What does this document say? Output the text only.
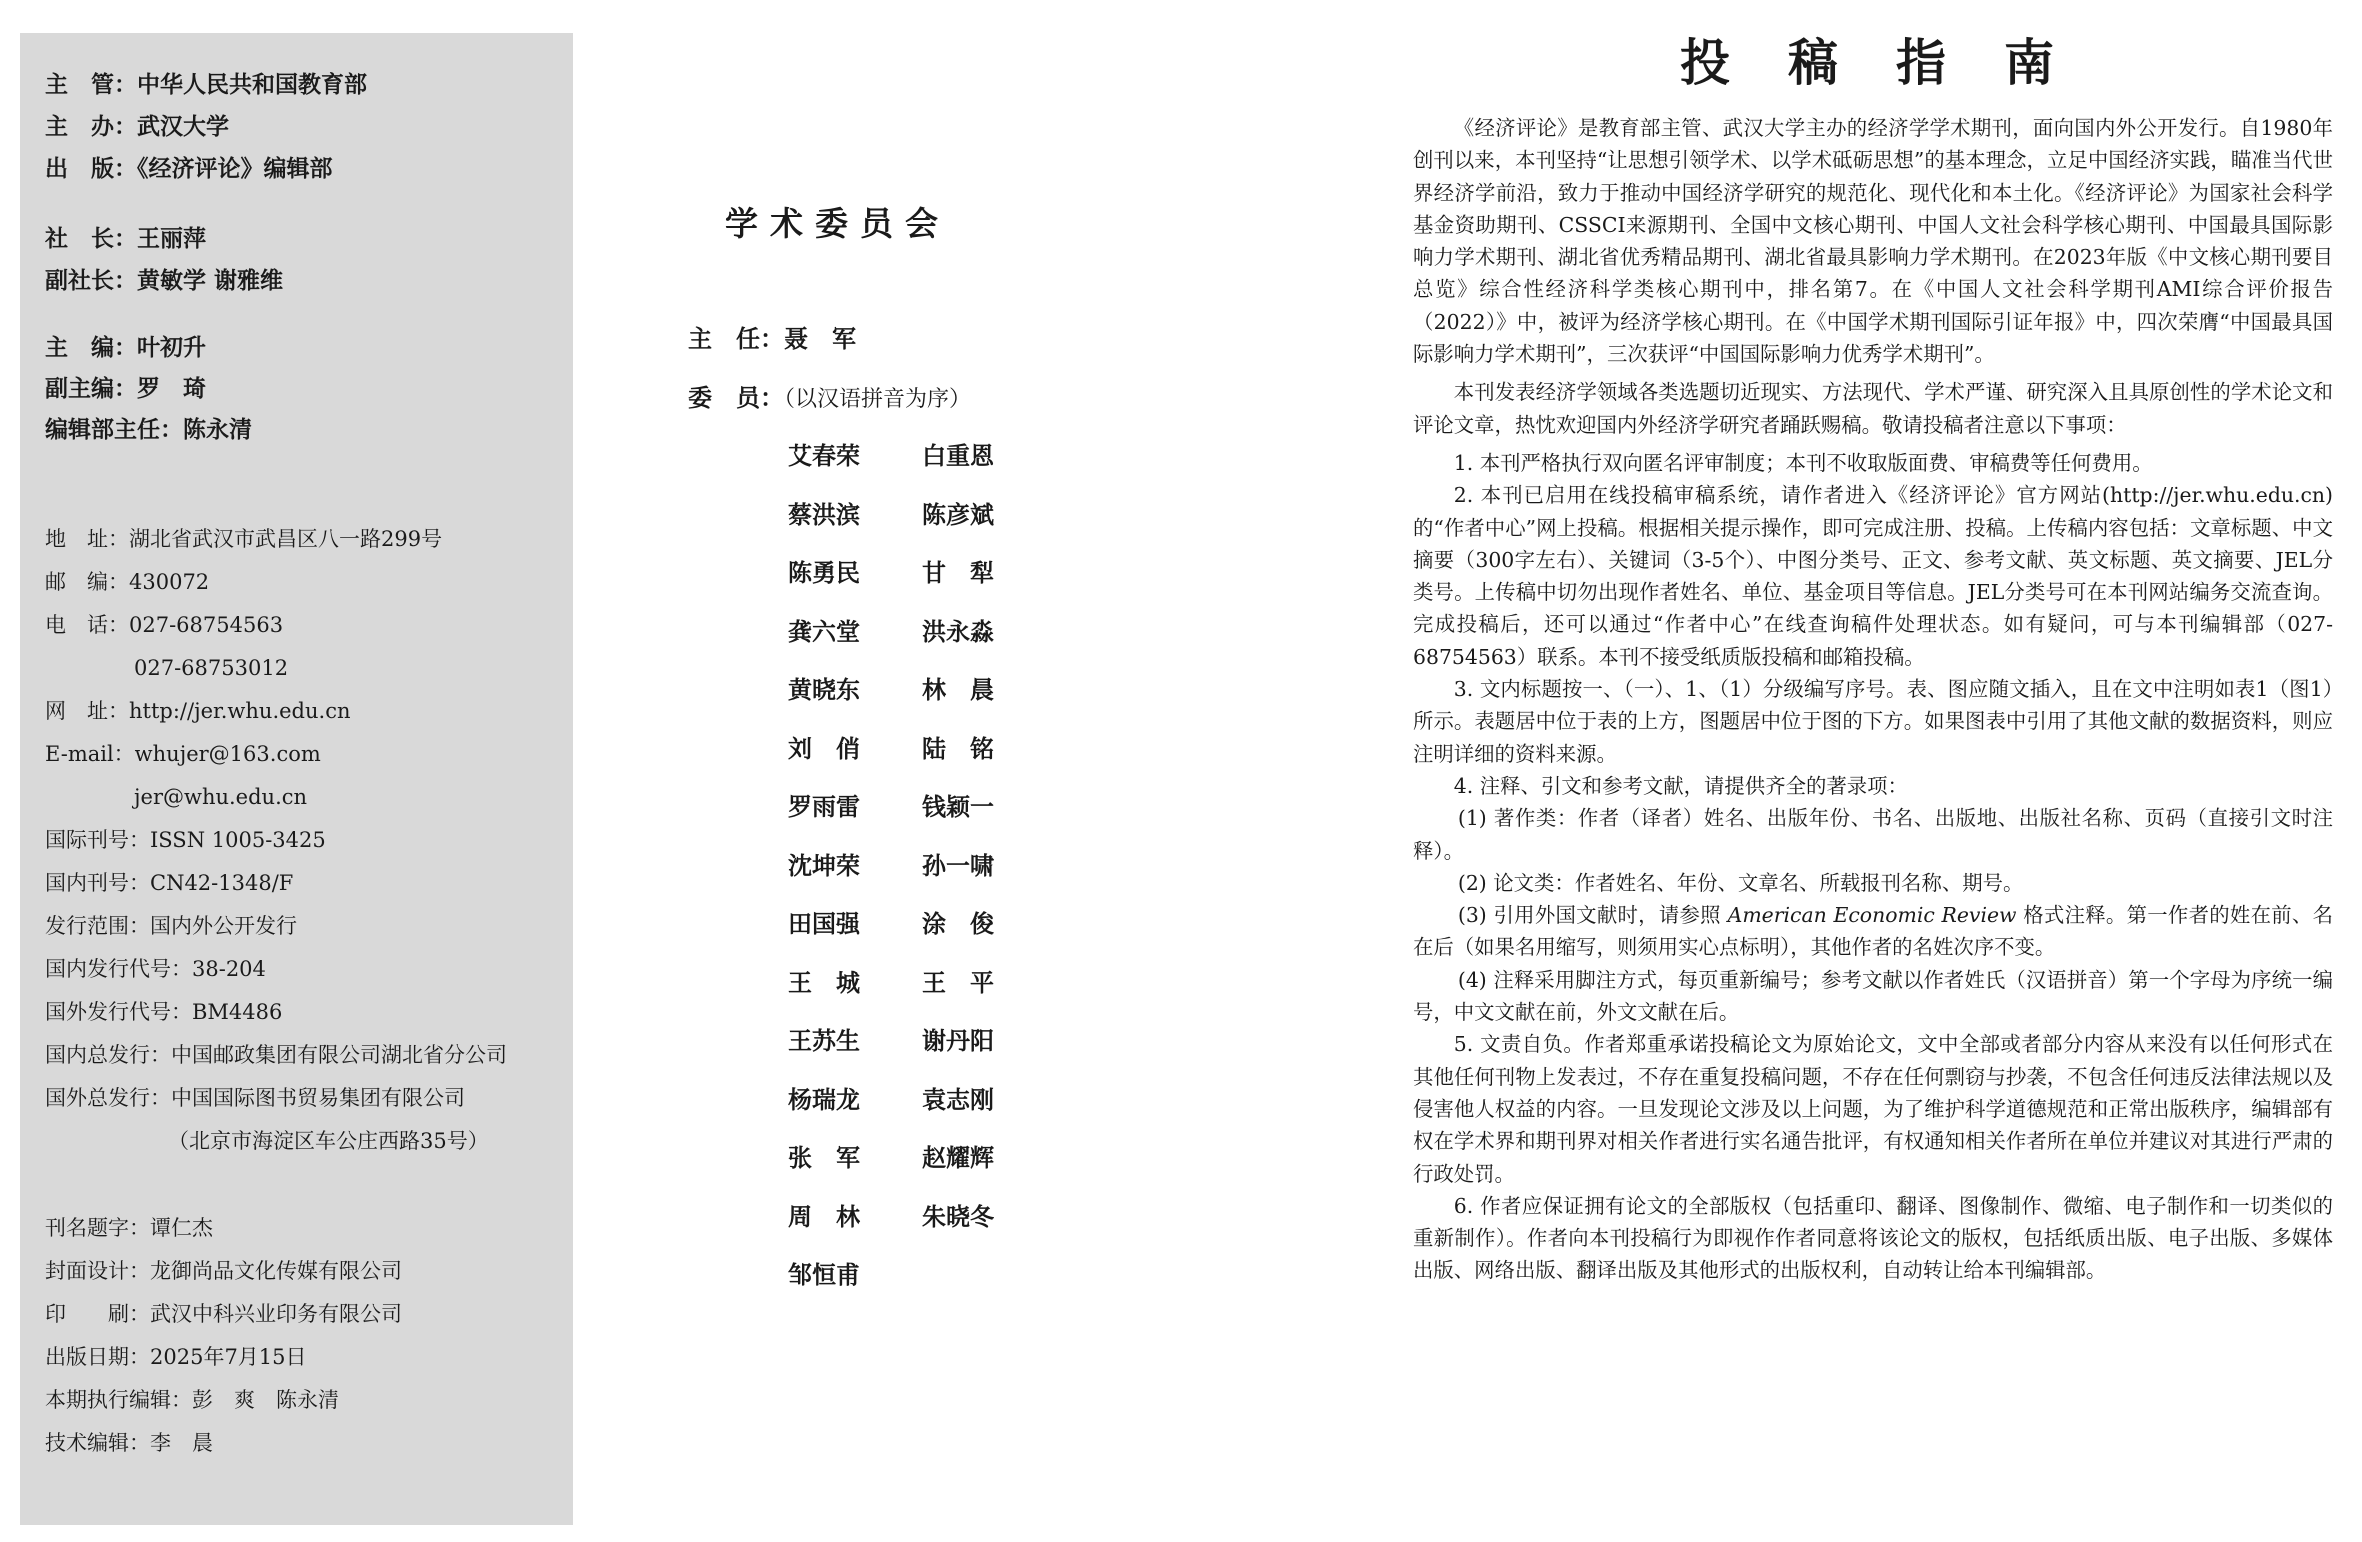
主　管：中华人民共和国教育部
主　办：武汉大学
出　版：《经济评论》编辑部
社　长：王丽萍
副社长：黄敏学 谢雅维
主　编：叶初升
副主编：罗　琦
编辑部主任：陈永清
地　址：湖北省武汉市武昌区八一路299号
邮　编：430072
电　话：027-68754563
027-68753012
网　址：http://jer.whu.edu.cn
E-mail：whujer@163.com
jer@whu.edu.cn
国际刊号：ISSN 1005-3425
国内刊号：CN42-1348/F
发行范围：国内外公开发行
国内发行代号：38-204
国外发行代号：BM4486
国内总发行：中国邮政集团有限公司湖北省分公司
国外总发行：中国国际图书贸易集团有限公司
（北京市海淀区车公庄西路35号）
刊名题字：谭仁杰
封面设计：龙御尚品文化传媒有限公司
印　　刷：武汉中科兴业印务有限公司
出版日期：2025年7月15日
本期执行编辑：彭　爽　陈永清
技术编辑：李　晨
学术委员会
主　任：聂　军
委　员：（以汉语拼音为序）
艾春荣	白重恩
蔡洪滨	陈彦斌
陈勇民	甘　犁
龚六堂	洪永淼
黄晓东	林　晨
刘　俏	陆　铭
罗雨雷	钱颖一
沈坤荣	孙一啸
田国强	涂　俊
王　城	王　平
王苏生	谢丹阳
杨瑞龙	袁志刚
张　军	赵耀辉
周　林	朱晓冬
邹恒甫
投稿指南

《经济评论》是教育部主管、武汉大学主办的经济学学术期刊，面向国内外公开发行。自1980年创刊以来，本刊坚持“让思想引领学术、以学术砥砺思想”的基本理念，立足中国经济实践，瞄准当代世界经济学前沿，致力于推动中国经济学研究的规范化、现代化和本土化。《经济评论》为国家社会科学基金资助期刊、CSSCI来源期刊、全国中文核心期刊、中国人文社会科学核心期刊、中国最具国际影响力学术期刊、湖北省优秀精品期刊、湖北省最具影响力学术期刊。在2023年版《中文核心期刊要目总览》综合性经济科学类核心期刊中，排名第7。在《中国人文社会科学期刊AMI综合评价报告（2022）》中，被评为经济学核心期刊。在《中国学术期刊国际引证年报》中，四次荣膺“中国最具国际影响力学术期刊”，三次获评“中国国际影响力优秀学术期刊”。

本刊发表经济学领域各类选题切近现实、方法现代、学术严谨、研究深入且具原创性的学术论文和评论文章，热忱欢迎国内外经济学研究者踊跃赐稿。敬请投稿者注意以下事项：

1. 本刊严格执行双向匿名评审制度；本刊不收取版面费、审稿费等任何费用。

2. 本刊已启用在线投稿审稿系统，请作者进入《经济评论》官方网站(http://jer.whu.edu.cn)的“作者中心”网上投稿。根据相关提示操作，即可完成注册、投稿。上传稿内容包括：文章标题、中文摘要（300字左右）、关键词（3-5个）、中图分类号、正文、参考文献、英文标题、英文摘要、JEL分类号。上传稿中切勿出现作者姓名、单位、基金项目等信息。JEL分类号可在本刊网站编务交流查询。完成投稿后，还可以通过“作者中心”在线查询稿件处理状态。如有疑问，可与本刊编辑部（027-68754563）联系。本刊不接受纸质版投稿和邮箱投稿。

3. 文内标题按一、（一）、1、（1）分级编写序号。表、图应随文插入，且在文中注明如表1（图1）所示。表题居中位于表的上方，图题居中位于图的下方。如果图表中引用了其他文献的数据资料，则应注明详细的资料来源。

4. 注释、引文和参考文献，请提供齐全的著录项：

(1) 著作类：作者（译者）姓名、出版年份、书名、出版地、出版社名称、页码（直接引文时注释）。

(2) 论文类：作者姓名、年份、文章名、所载报刊名称、期号。

(3) 引用外国文献时，请参照 American Economic Review 格式注释。第一作者的姓在前、名在后（如果名用缩写，则须用实心点标明），其他作者的名姓次序不变。

(4) 注释采用脚注方式，每页重新编号；参考文献以作者姓氏（汉语拼音）第一个字母为序统一编号，中文文献在前，外文文献在后。

5. 文责自负。作者郑重承诺投稿论文为原始论文，文中全部或者部分内容从来没有以任何形式在其他任何刊物上发表过，不存在重复投稿问题，不存在任何剽窃与抄袭，不包含任何违反法律法规以及侵害他人权益的内容。一旦发现论文涉及以上问题，为了维护科学道德规范和正常出版秩序，编辑部有权在学术界和期刊界对相关作者进行实名通告批评，有权通知相关作者所在单位并建议对其进行严肃的行政处罚。

6. 作者应保证拥有论文的全部版权（包括重印、翻译、图像制作、微缩、电子制作和一切类似的重新制作）。作者向本刊投稿行为即视作作者同意将该论文的版权，包括纸质出版、电子出版、多媒体出版、网络出版、翻译出版及其他形式的出版权利，自动转让给本刊编辑部。
